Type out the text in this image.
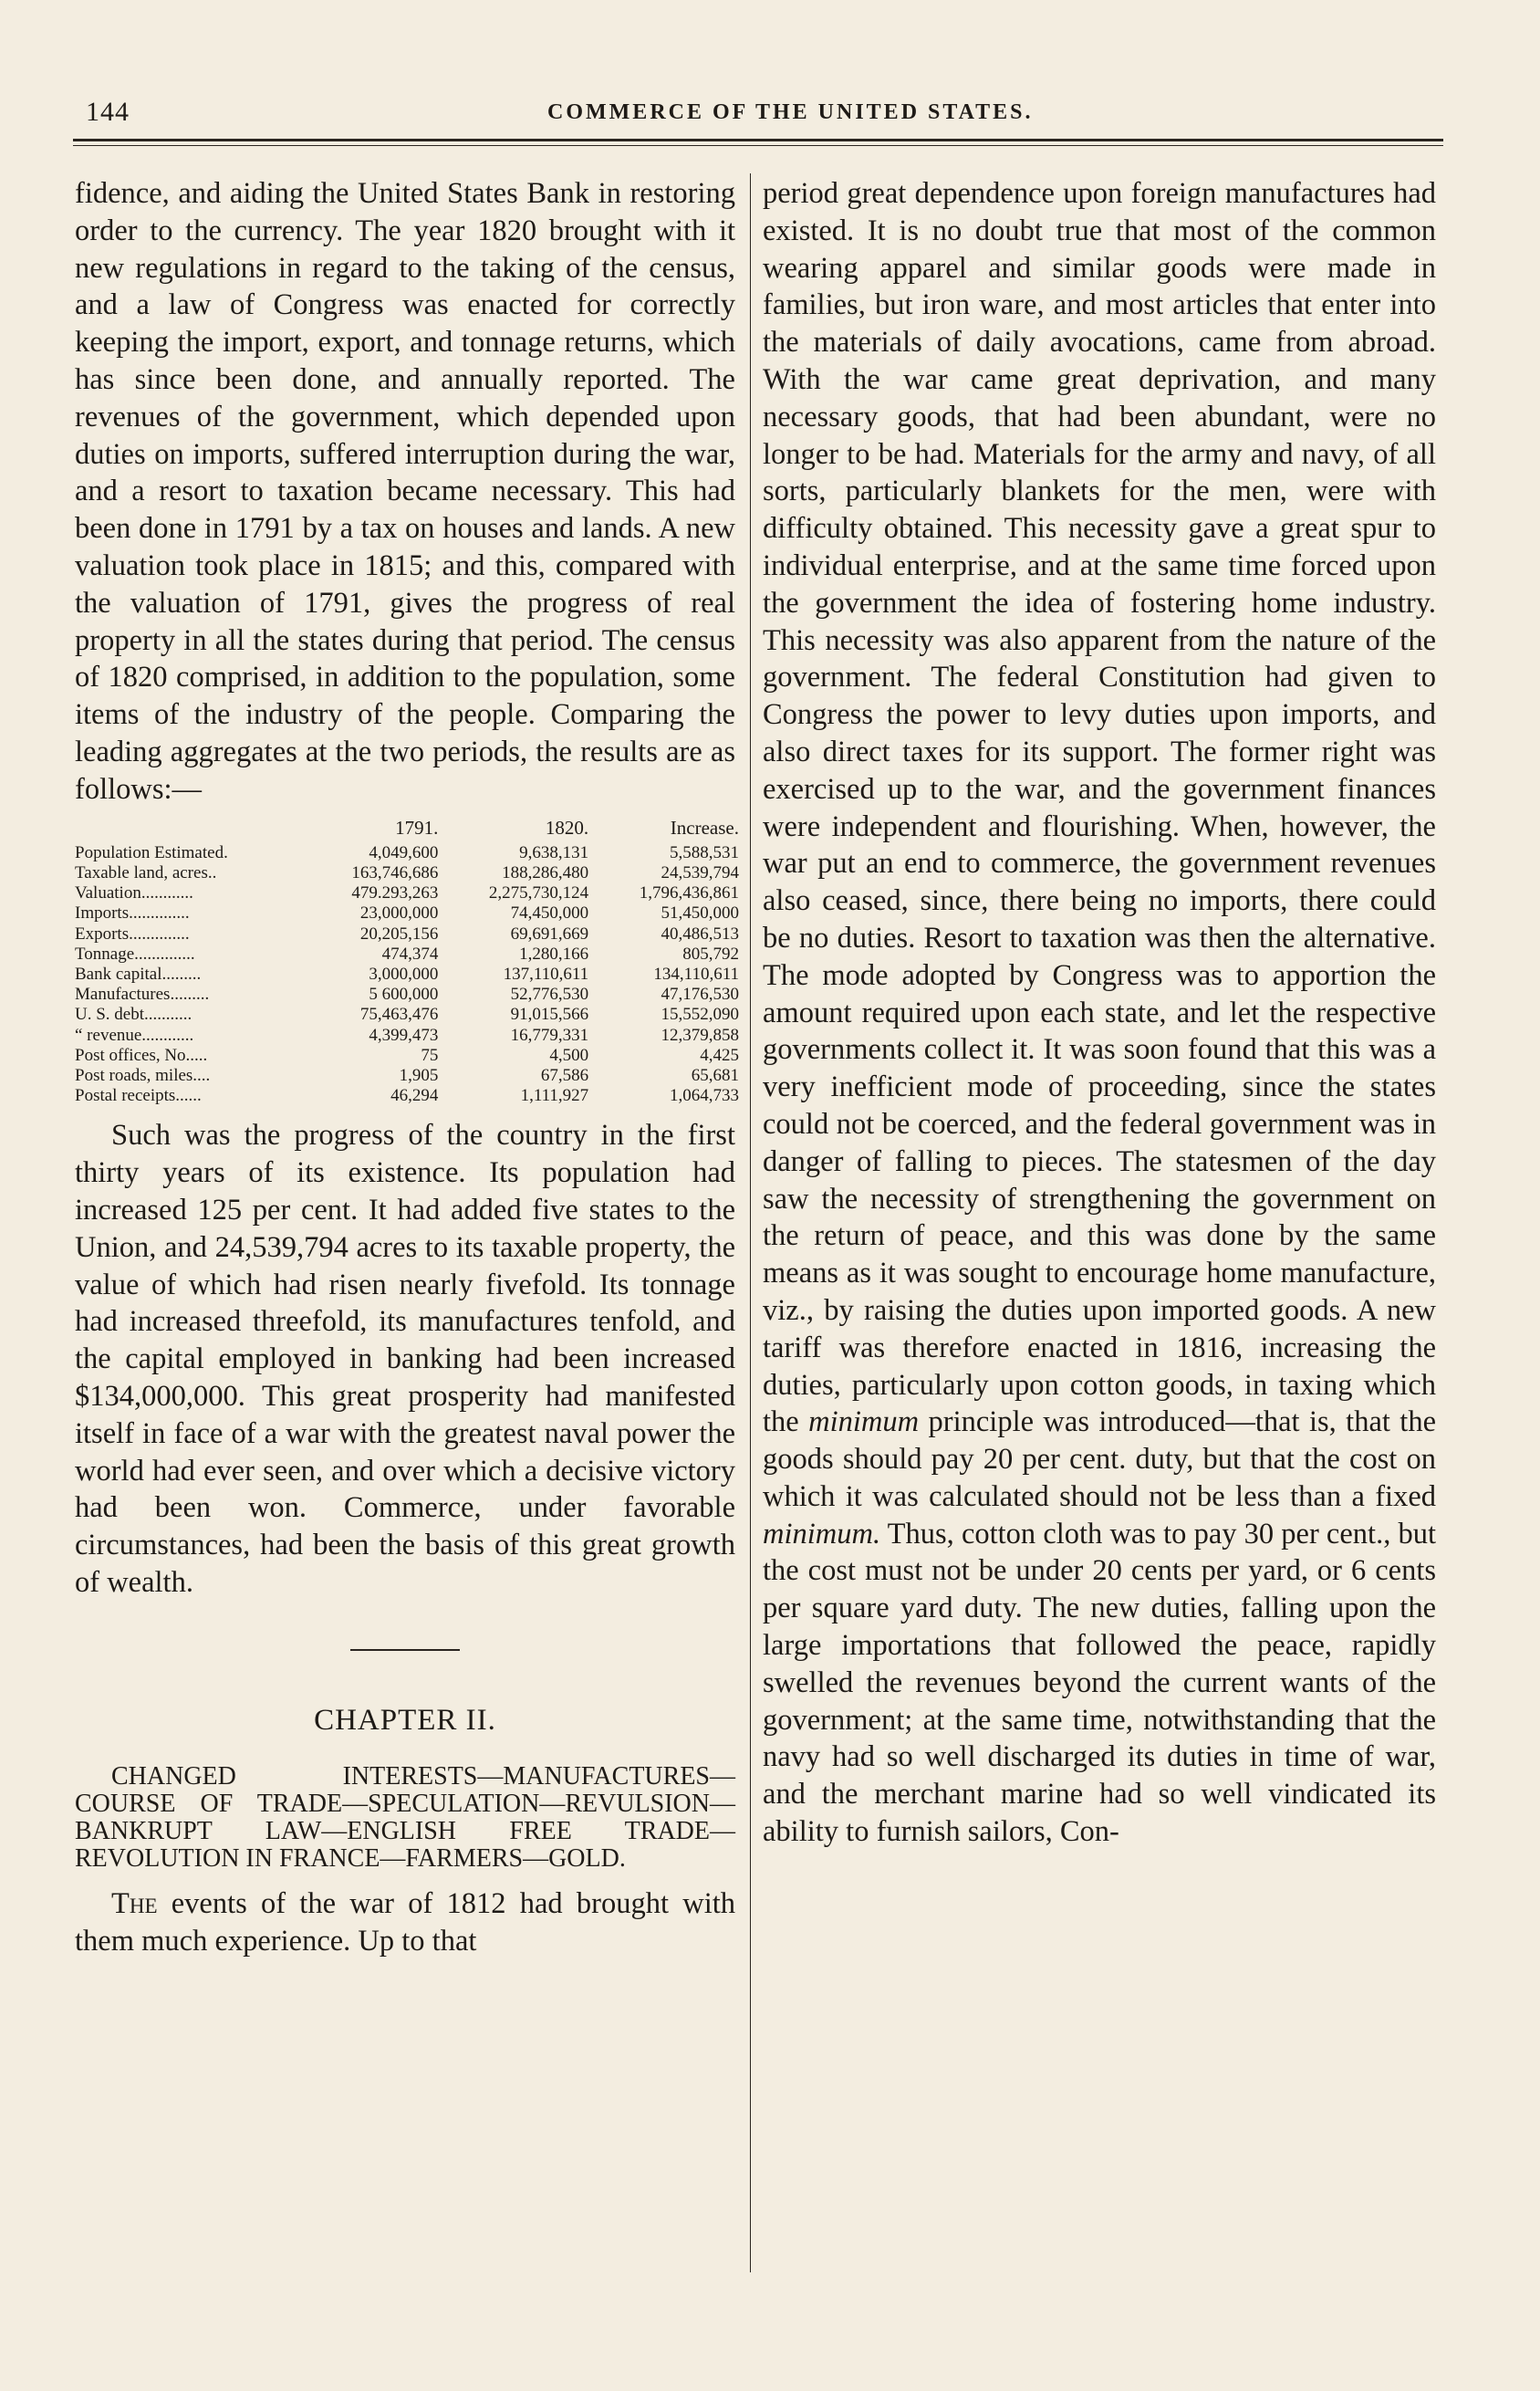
144	COMMERCE OF THE UNITED STATES.

fidence, and aiding the United States Bank in restoring order to the currency. The year 1820 brought with it new regulations in regard to the taking of the census, and a law of Congress was enacted for correctly keeping the import, export, and tonnage returns, which has since been done, and annually reported. The revenues of the government, which depended upon duties on imports, suffered interruption during the war, and a resort to taxation became necessary. This had been done in 1791 by a tax on houses and lands. A new valuation took place in 1815; and this, compared with the valuation of 1791, gives the progress of real property in all the states during that period. The census of 1820 comprised, in addition to the population, some items of the industry of the people. Comparing the leading aggregates at the two periods, the results are as follows:—

	1791.	1820.	Increase.
Population Estimated.	4,049,600	9,638,131	5,588,531
Taxable land, acres..	163,746,686	188,286,480	24,539,794
Valuation............	479.293,263	2,275,730,124	1,796,436,861
Imports..............	23,000,000	74,450,000	51,450,000
Exports..............	20,205,156	69,691,669	40,486,513
Tonnage..............	474,374	1,280,166	805,792
Bank capital.........	3,000,000	137,110,611	134,110,611
Manufactures.........	5 600,000	52,776,530	47,176,530
U. S. debt...........	75,463,476	91,015,566	15,552,090
“ revenue............	4,399,473	16,779,331	12,379,858
Post offices, No.....	75	4,500	4,425
Post roads, miles....	1,905	67,586	65,681
Postal receipts......	46,294	1,111,927	1,064,733

Such was the progress of the country in the first thirty years of its existence. Its population had increased 125 per cent. It had added five states to the Union, and 24,539,794 acres to its taxable property, the value of which had risen nearly fivefold. Its tonnage had increased threefold, its manufactures tenfold, and the capital employed in banking had been increased $134,000,000. This great prosperity had manifested itself in face of a war with the greatest naval power the world had ever seen, and over which a decisive victory had been won. Commerce, under favorable circumstances, had been the basis of this great growth of wealth.

CHAPTER II.

CHANGED INTERESTS—MANUFACTURES—COURSE OF TRADE—SPECULATION—REVULSION—BANKRUPT LAW—ENGLISH FREE TRADE—REVOLUTION IN FRANCE—FARMERS—GOLD.

The events of the war of 1812 had brought with them much experience. Up to that

period great dependence upon foreign manufactures had existed. It is no doubt true that most of the common wearing apparel and similar goods were made in families, but iron ware, and most articles that enter into the materials of daily avocations, came from abroad. With the war came great deprivation, and many necessary goods, that had been abundant, were no longer to be had. Materials for the army and navy, of all sorts, particularly blankets for the men, were with difficulty obtained. This necessity gave a great spur to individual enterprise, and at the same time forced upon the government the idea of fostering home industry. This necessity was also apparent from the nature of the government. The federal Constitution had given to Congress the power to levy duties upon imports, and also direct taxes for its support. The former right was exercised up to the war, and the government finances were independent and flourishing. When, however, the war put an end to commerce, the government revenues also ceased, since, there being no imports, there could be no duties. Resort to taxation was then the alternative. The mode adopted by Congress was to apportion the amount required upon each state, and let the respective governments collect it. It was soon found that this was a very inefficient mode of proceeding, since the states could not be coerced, and the federal government was in danger of falling to pieces. The statesmen of the day saw the necessity of strengthening the government on the return of peace, and this was done by the same means as it was sought to encourage home manufacture, viz., by raising the duties upon imported goods. A new tariff was therefore enacted in 1816, increasing the duties, particularly upon cotton goods, in taxing which the minimum principle was introduced—that is, that the goods should pay 20 per cent. duty, but that the cost on which it was calculated should not be less than a fixed minimum. Thus, cotton cloth was to pay 30 per cent., but the cost must not be under 20 cents per yard, or 6 cents per square yard duty. The new duties, falling upon the large importations that followed the peace, rapidly swelled the revenues beyond the current wants of the government; at the same time, notwithstanding that the navy had so well discharged its duties in time of war, and the merchant marine had so well vindicated its ability to furnish sailors, Con-
